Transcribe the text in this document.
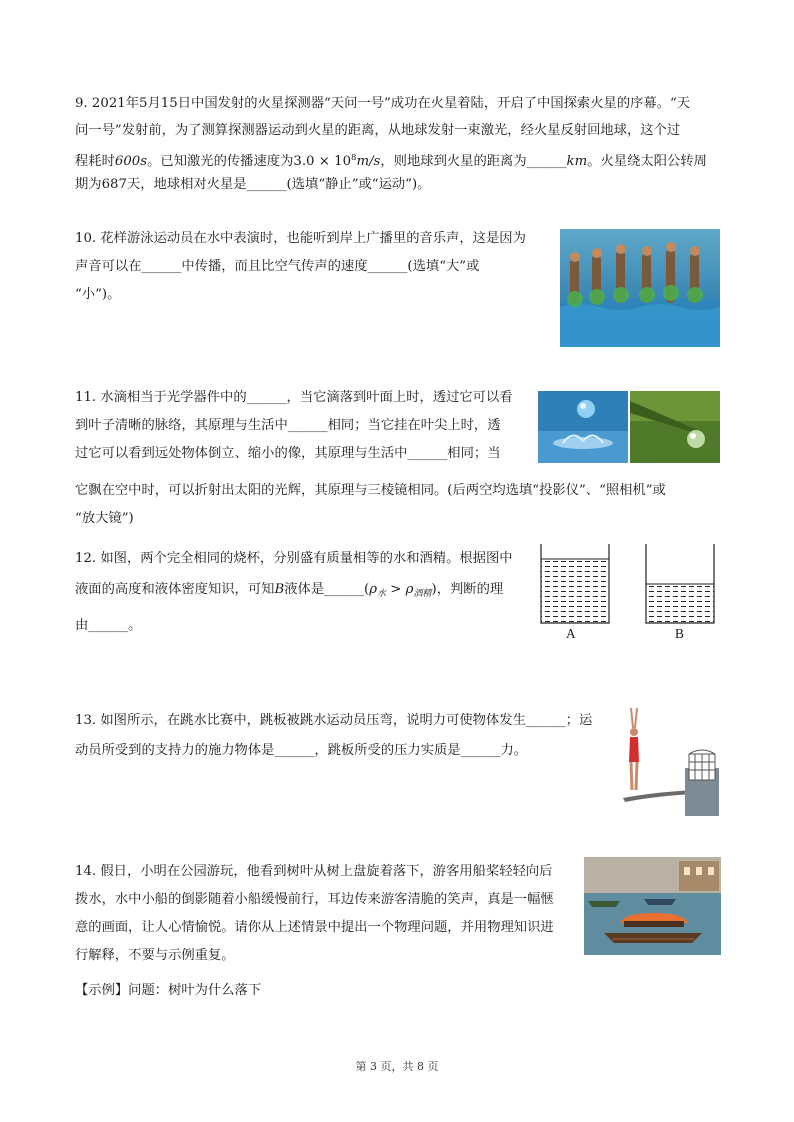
9. 2021年5月15日中国发射的火星探测器“天问一号”成功在火星着陆，开启了中国探索火星的序幕。“天
问一号”发射前，为了测算探测器运动到火星的距离，从地球发射一束激光，经火星反射回地球，这个过
程耗时600s。已知激光的传播速度为$3.0 \times 10^8m/s$，则地球到火星的距离为______km。火星绕太阳公转周
期为687天，地球相对火星是______(选填“静止”或“运动”)。
10. 花样游泳运动员在水中表演时，也能听到岸上广播里的音乐声，这是因为
声音可以在______中传播，而且比空气传声的速度______(选填“大”或
“小”)。
11. 水滴相当于光学器件中的______，当它滴落到叶面上时，透过它可以看
到叶子清晰的脉络，其原理与生活中______相同；当它挂在叶尖上时，透
过它可以看到远处物体倒立、缩小的像，其原理与生活中______相同；当
它飘在空中时，可以折射出太阳的光辉，其原理与三棱镜相同。(后两空均选填“投影仪”、“照相机”或
“放大镜”)
12. 如图，两个完全相同的烧杯，分别盛有质量相等的水和酒精。根据图中
液面的高度和液体密度知识，可知B液体是$\_\_\_\_\_\_(\rho_水 > \rho_{酒精})$，判断的理
由______。
A	B
13. 如图所示，在跳水比赛中，跳板被跳水运动员压弯，说明力可使物体发生______；运
动员所受到的支持力的施力物体是______，跳板所受的压力实质是______力。
14. 假日，小明在公园游玩，他看到树叶从树上盘旋着落下，游客用船桨轻轻向后
拨水，水中小船的倒影随着小船缓慢前行，耳边传来游客清脆的笑声，真是一幅惬
意的画面，让人心情愉悦。请你从上述情景中提出一个物理问题，并用物理知识进
行解释，不要与示例重复。
【示例】问题：树叶为什么落下
第 3 页，共 8 页
